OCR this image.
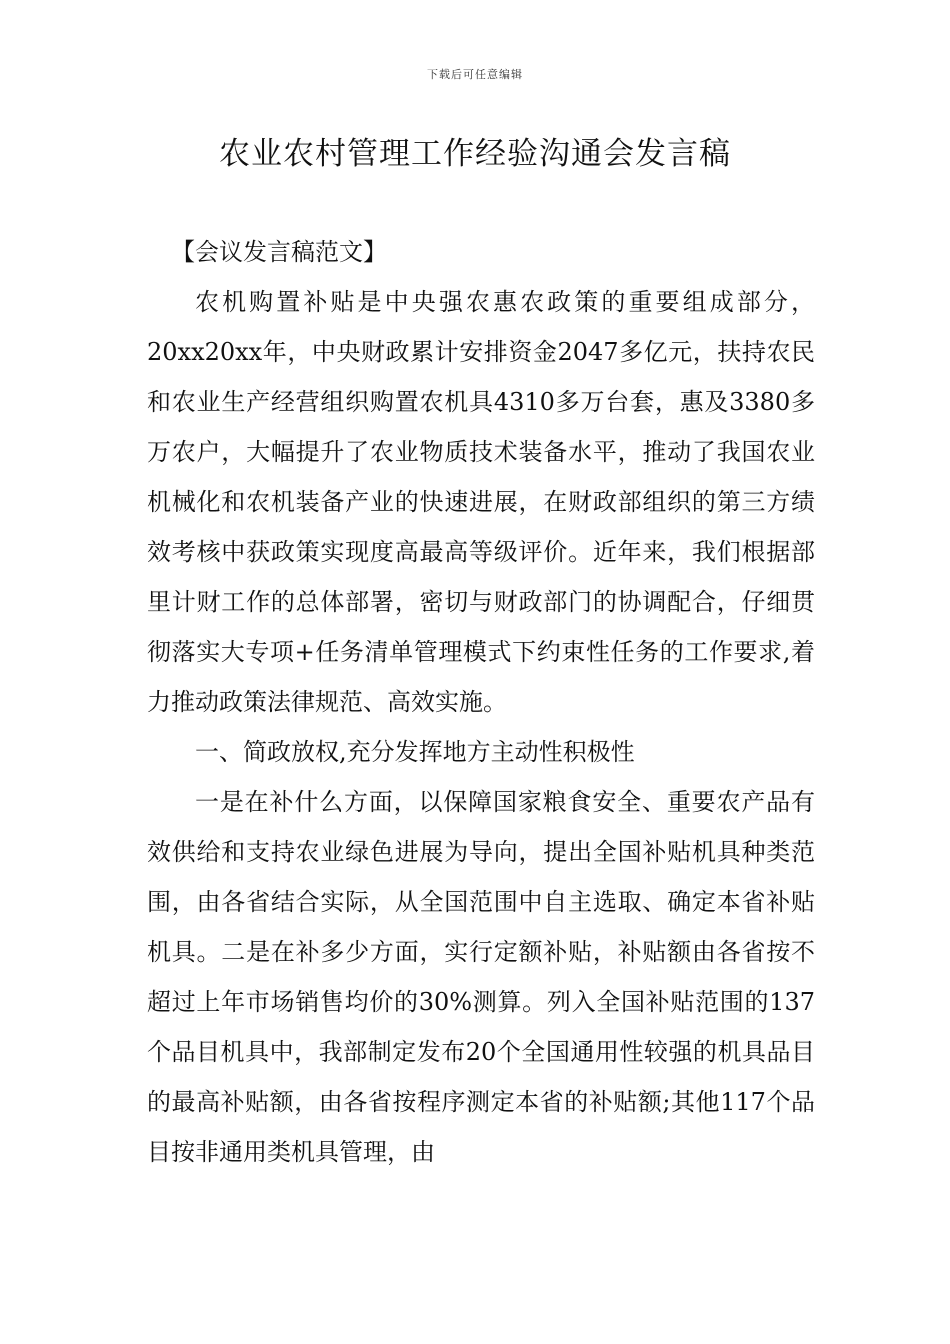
下载后可任意编辑
农业农村管理工作经验沟通会发言稿

【会议发言稿范文】

农机购置补贴是中央强农惠农政策的重要组成部分，20xx20xx年，中央财政累计安排资金2047多亿元，扶持农民和农业生产经营组织购置农机具4310多万台套，惠及3380多万农户，大幅提升了农业物质技术装备水平，推动了我国农业机械化和农机装备产业的快速进展，在财政部组织的第三方绩效考核中获政策实现度高最高等级评价。近年来，我们根据部里计财工作的总体部署，密切与财政部门的协调配合，仔细贯彻落实大专项+任务清单管理模式下约束性任务的工作要求,着力推动政策法律规范、高效实施。

一、简政放权,充分发挥地方主动性积极性

一是在补什么方面，以保障国家粮食安全、重要农产品有效供给和支持农业绿色进展为导向，提出全国补贴机具种类范围，由各省结合实际，从全国范围中自主选取、确定本省补贴机具。二是在补多少方面，实行定额补贴，补贴额由各省按不超过上年市场销售均价的30%测算。列入全国补贴范围的137个品目机具中，我部制定发布20个全国通用性较强的机具品目的最高补贴额，由各省按程序测定本省的补贴额;其他117个品目按非通用类机具管理，由
